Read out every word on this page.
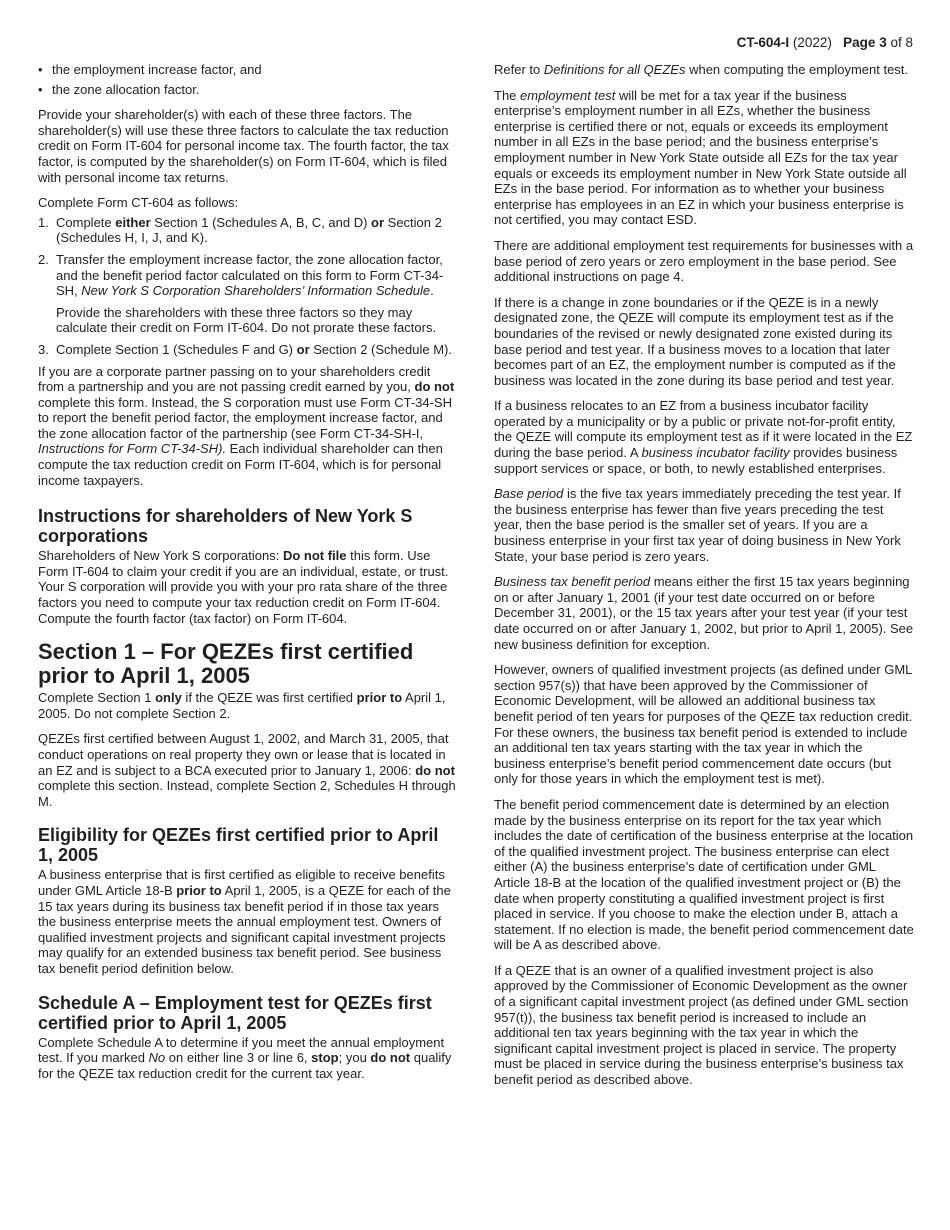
CT-604-I (2022) Page 3 of 8
• the employment increase factor, and
• the zone allocation factor.

Provide your shareholder(s) with each of these three factors. The shareholder(s) will use these three factors to calculate the tax reduction credit on Form IT-604 for personal income tax. The fourth factor, the tax factor, is computed by the shareholder(s) on Form IT-604, which is filed with personal income tax returns.

Complete Form CT-604 as follows:

1. Complete either Section 1 (Schedules A, B, C, and D) or Section 2 (Schedules H, I, J, and K).
2. Transfer the employment increase factor, the zone allocation factor, and the benefit period factor calculated on this form to Form CT-34-SH, New York S Corporation Shareholders’ Information Schedule.

Provide the shareholders with these three factors so they may calculate their credit on Form IT-604. Do not prorate these factors.

3. Complete Section 1 (Schedules F and G) or Section 2 (Schedule M).

If you are a corporate partner passing on to your shareholders credit from a partnership and you are not passing credit earned by you, do not complete this form. Instead, the S corporation must use Form CT-34-SH to report the benefit period factor, the employment increase factor, and the zone allocation factor of the partnership (see Form CT-34-SH-I, Instructions for Form CT-34-SH). Each individual shareholder can then compute the tax reduction credit on Form IT-604, which is for personal income taxpayers.

Instructions for shareholders of New York S corporations

Shareholders of New York S corporations: Do not file this form. Use Form IT-604 to claim your credit if you are an individual, estate, or trust. Your S corporation will provide you with your pro rata share of the three factors you need to compute your tax reduction credit on Form IT-604. Compute the fourth factor (tax factor) on Form IT-604.

Section 1 – For QEZEs first certified prior to April 1, 2005

Complete Section 1 only if the QEZE was first certified prior to April 1, 2005. Do not complete Section 2.

QEZEs first certified between August 1, 2002, and March 31, 2005, that conduct operations on real property they own or lease that is located in an EZ and is subject to a BCA executed prior to January 1, 2006: do not complete this section. Instead, complete Section 2, Schedules H through M.

Eligibility for QEZEs first certified prior to April 1, 2005

A business enterprise that is first certified as eligible to receive benefits under GML Article 18-B prior to April 1, 2005, is a QEZE for each of the 15 tax years during its business tax benefit period if in those tax years the business enterprise meets the annual employment test. Owners of qualified investment projects and significant capital investment projects may qualify for an extended business tax benefit period. See business tax benefit period definition below.

Schedule A – Employment test for QEZEs first certified prior to April 1, 2005

Complete Schedule A to determine if you meet the annual employment test. If you marked No on either line 3 or line 6, stop; you do not qualify for the QEZE tax reduction credit for the current tax year.

Refer to Definitions for all QEZEs when computing the employment test.

The employment test will be met for a tax year if the business enterprise’s employment number in all EZs, whether the business enterprise is certified there or not, equals or exceeds its employment number in all EZs in the base period; and the business enterprise’s employment number in New York State outside all EZs for the tax year equals or exceeds its employment number in New York State outside all EZs in the base period. For information as to whether your business enterprise has employees in an EZ in which your business enterprise is not certified, you may contact ESD.

There are additional employment test requirements for businesses with a base period of zero years or zero employment in the base period. See additional instructions on page 4.

If there is a change in zone boundaries or if the QEZE is in a newly designated zone, the QEZE will compute its employment test as if the boundaries of the revised or newly designated zone existed during its base period and test year. If a business moves to a location that later becomes part of an EZ, the employment number is computed as if the business was located in the zone during its base period and test year.

If a business relocates to an EZ from a business incubator facility operated by a municipality or by a public or private not-for-profit entity, the QEZE will compute its employment test as if it were located in the EZ during the base period. A business incubator facility provides business support services or space, or both, to newly established enterprises.

Base period is the five tax years immediately preceding the test year. If the business enterprise has fewer than five years preceding the test year, then the base period is the smaller set of years. If you are a business enterprise in your first tax year of doing business in New York State, your base period is zero years.

Business tax benefit period means either the first 15 tax years beginning on or after January 1, 2001 (if your test date occurred on or before December 31, 2001), or the 15 tax years after your test year (if your test date occurred on or after January 1, 2002, but prior to April 1, 2005). See new business definition for exception.

However, owners of qualified investment projects (as defined under GML section 957(s)) that have been approved by the Commissioner of Economic Development, will be allowed an additional business tax benefit period of ten years for purposes of the QEZE tax reduction credit. For these owners, the business tax benefit period is extended to include an additional ten tax years starting with the tax year in which the business enterprise’s benefit period commencement date occurs (but only for those years in which the employment test is met).

The benefit period commencement date is determined by an election made by the business enterprise on its report for the tax year which includes the date of certification of the business enterprise at the location of the qualified investment project. The business enterprise can elect either (A) the business enterprise’s date of certification under GML Article 18-B at the location of the qualified investment project or (B) the date when property constituting a qualified investment project is first placed in service. If you choose to make the election under B, attach a statement. If no election is made, the benefit period commencement date will be A as described above.

If a QEZE that is an owner of a qualified investment project is also approved by the Commissioner of Economic Development as the owner of a significant capital investment project (as defined under GML section 957(t)), the business tax benefit period is increased to include an additional ten tax years beginning with the tax year in which the significant capital investment project is placed in service. The property must be placed in service during the business enterprise’s business tax benefit period as described above.
